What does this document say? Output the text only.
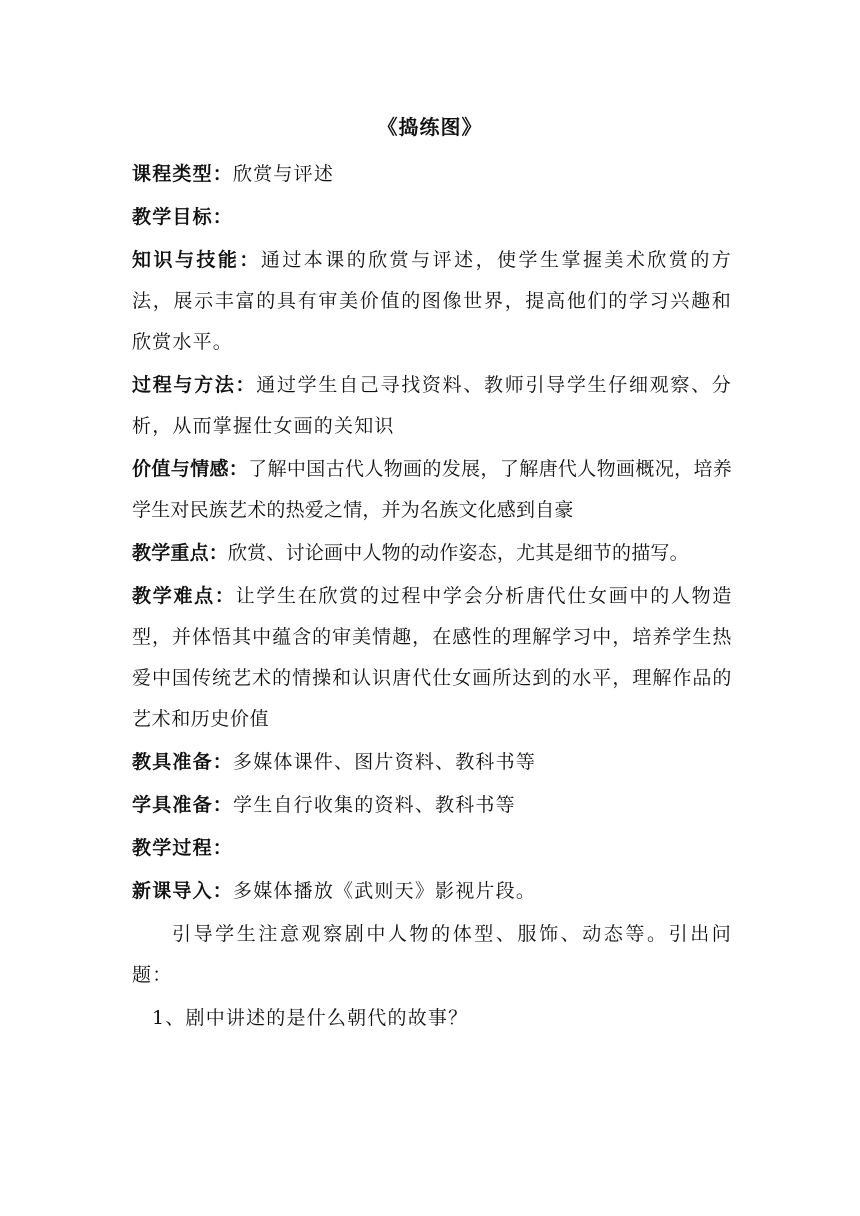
《捣练图》

课程类型：欣赏与评述

教学目标：

知识与技能：通过本课的欣赏与评述，使学生掌握美术欣赏的方法，展示丰富的具有审美价值的图像世界，提高他们的学习兴趣和欣赏水平。

过程与方法：通过学生自己寻找资料、教师引导学生仔细观察、分析，从而掌握仕女画的关知识

价值与情感：了解中国古代人物画的发展，了解唐代人物画概况，培养学生对民族艺术的热爱之情，并为名族文化感到自豪

教学重点：欣赏、讨论画中人物的动作姿态，尤其是细节的描写。

教学难点：让学生在欣赏的过程中学会分析唐代仕女画中的人物造型，并体悟其中蕴含的审美情趣，在感性的理解学习中，培养学生热爱中国传统艺术的情操和认识唐代仕女画所达到的水平，理解作品的艺术和历史价值

教具准备：多媒体课件、图片资料、教科书等

学具准备：学生自行收集的资料、教科书等

教学过程：

新课导入：多媒体播放《武则天》影视片段。

引导学生注意观察剧中人物的体型、服饰、动态等。引出问题：

1、剧中讲述的是什么朝代的故事？
